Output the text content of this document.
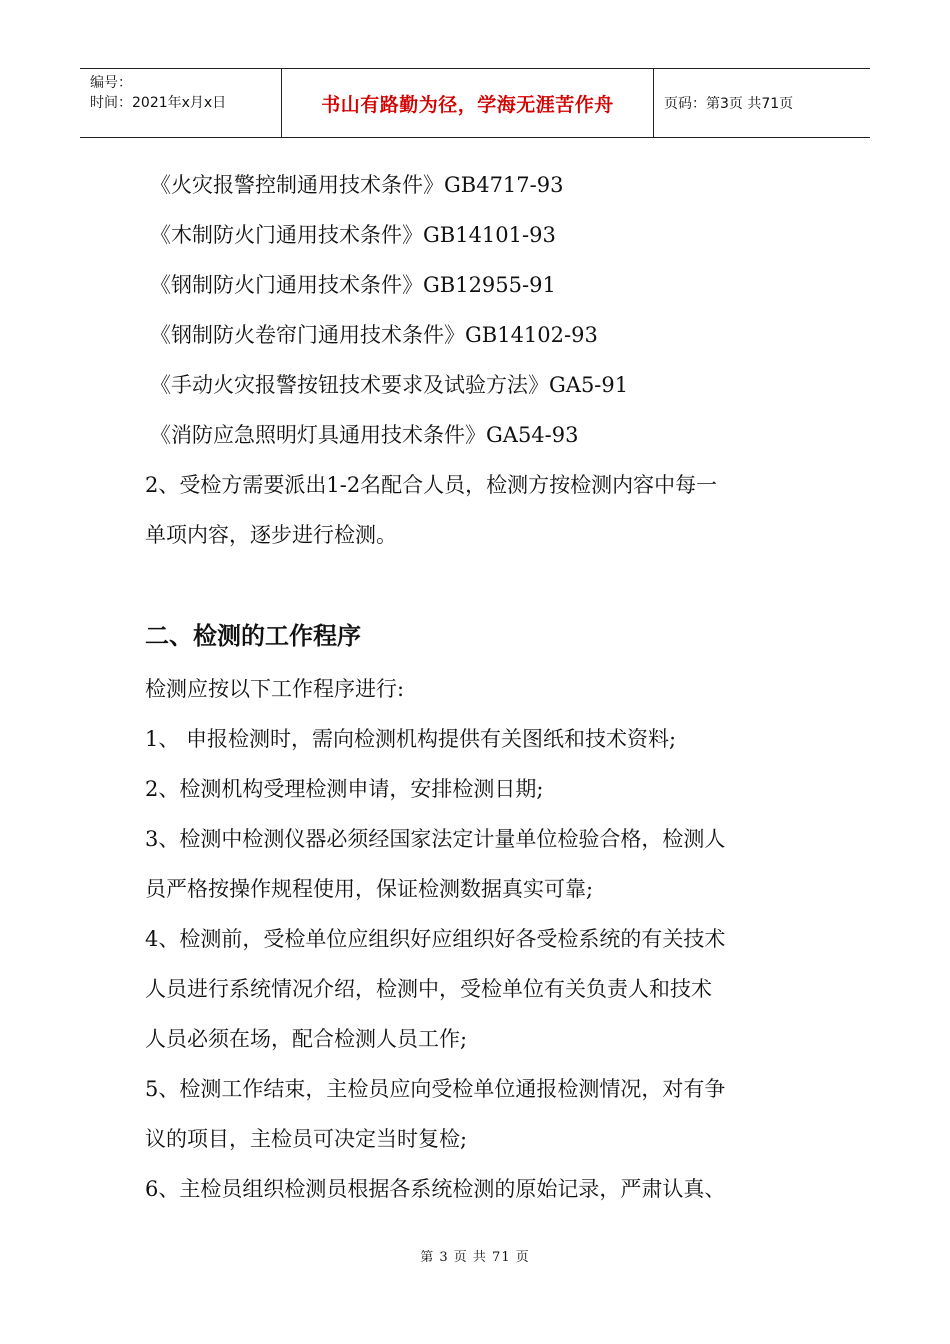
编号：
时间：2021年x月x日	书山有路勤为径，学海无涯苦作舟	页码：第3页 共71页
《火灾报警控制通用技术条件》GB4717-93
《木制防火门通用技术条件》GB14101-93
《钢制防火门通用技术条件》GB12955-91
《钢制防火卷帘门通用技术条件》GB14102-93
《手动火灾报警按钮技术要求及试验方法》GA5-91
《消防应急照明灯具通用技术条件》GA54-93
2、受检方需要派出1-2名配合人员，检测方按检测内容中每一
单项内容，逐步进行检测。
二、检测的工作程序
检测应按以下工作程序进行:
1、 申报检测时，需向检测机构提供有关图纸和技术资料;
2、检测机构受理检测申请，安排检测日期;
3、检测中检测仪器必须经国家法定计量单位检验合格，检测人
员严格按操作规程使用，保证检测数据真实可靠;
4、检测前，受检单位应组织好应组织好各受检系统的有关技术
人员进行系统情况介绍，检测中，受检单位有关负责人和技术
人员必须在场，配合检测人员工作;
5、检测工作结束，主检员应向受检单位通报检测情况，对有争
议的项目，主检员可决定当时复检;
6、主检员组织检测员根据各系统检测的原始记录，严肃认真、
第 3 页 共 71 页
